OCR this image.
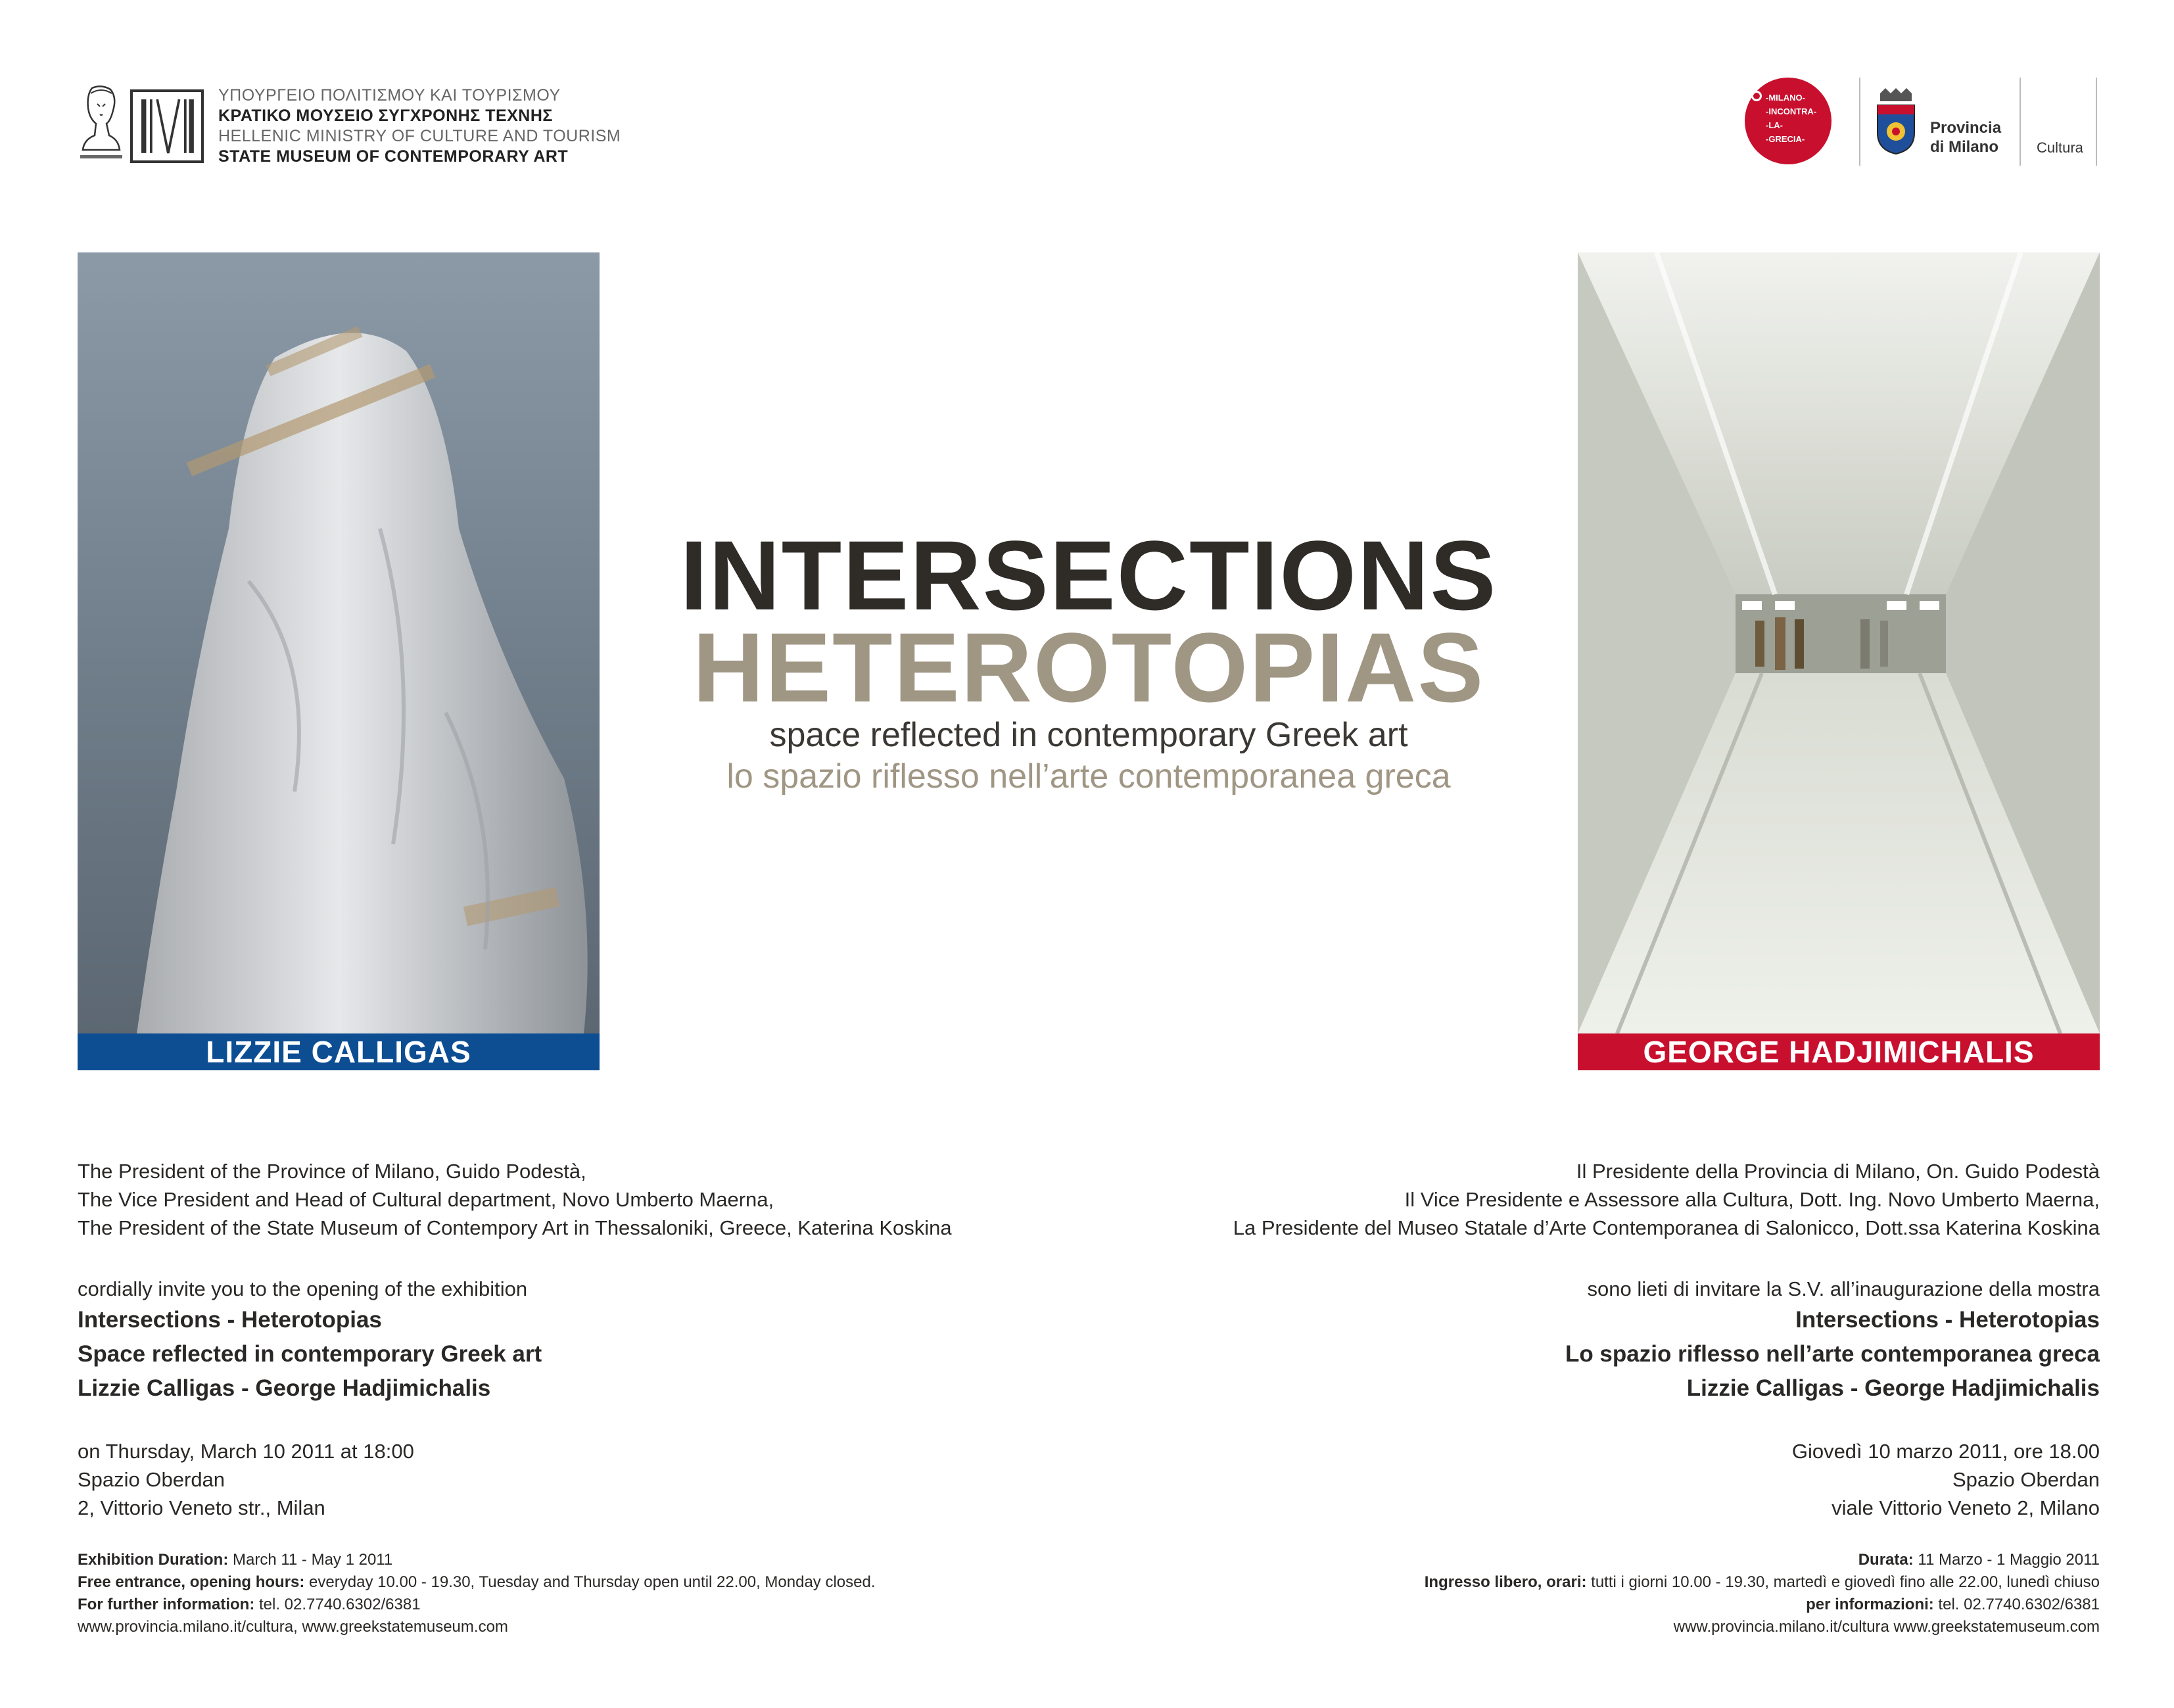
ΥΠΟΥΡΓΕΙΟ ΠΟΛΙΤΙΣΜΟΥ ΚΑΙ ΤΟΥΡΙΣΜΟΥ
ΚΡΑΤΙΚΟ ΜΟΥΣΕΙΟ ΣΥΓΧΡΟΝΗΣ ΤΕΧΝΗΣ
HELLENIC MINISTRY OF CULTURE AND TOURISM
STATE MUSEUM OF CONTEMPORARY ART
-MILANO-
-INCONTRA-
-LA-
-GRECIA-
Provincia
di Milano	Cultura
LIZZIE CALLIGAS	GEORGE HADJIMICHALIS
INTERSECTIONS
HETEROTOPIAS
space reflected in contemporary Greek art
lo spazio riflesso nell’arte contemporanea greca
The President of the Province of Milano, Guido Podestà,
The Vice President and Head of Cultural department, Novo Umberto Maerna,
The President of the State Museum of Contempory Art in Thessaloniki, Greece, Katerina Koskina
cordially invite you to the opening of the exhibition
Intersections - Heterotopias
Space reflected in contemporary Greek art
Lizzie Calligas - George Hadjimichalis
on Thursday, March 10 2011 at 18:00
Spazio Oberdan
2, Vittorio Veneto str., Milan
Exhibition Duration: March 11 - May 1 2011
Free entrance, opening hours: everyday 10.00 - 19.30, Tuesday and Thursday open until 22.00, Monday closed.
For further information: tel. 02.7740.6302/6381
www.provincia.milano.it/cultura, www.greekstatemuseum.com
Il Presidente della Provincia di Milano, On. Guido Podestà
Il Vice Presidente e Assessore alla Cultura, Dott. Ing. Novo Umberto Maerna,
La Presidente del Museo Statale d’Arte Contemporanea di Salonicco, Dott.ssa Katerina Koskina
sono lieti di invitare la S.V. all’inaugurazione della mostra
Intersections - Heterotopias
Lo spazio riflesso nell’arte contemporanea greca
Lizzie Calligas - George Hadjimichalis
Giovedì 10 marzo 2011, ore 18.00
Spazio Oberdan
viale Vittorio Veneto 2, Milano
Durata: 11 Marzo - 1 Maggio 2011
Ingresso libero, orari: tutti i giorni 10.00 - 19.30, martedì e giovedì fino alle 22.00, lunedì chiuso
per informazioni: tel. 02.7740.6302/6381
www.provincia.milano.it/cultura www.greekstatemuseum.com
